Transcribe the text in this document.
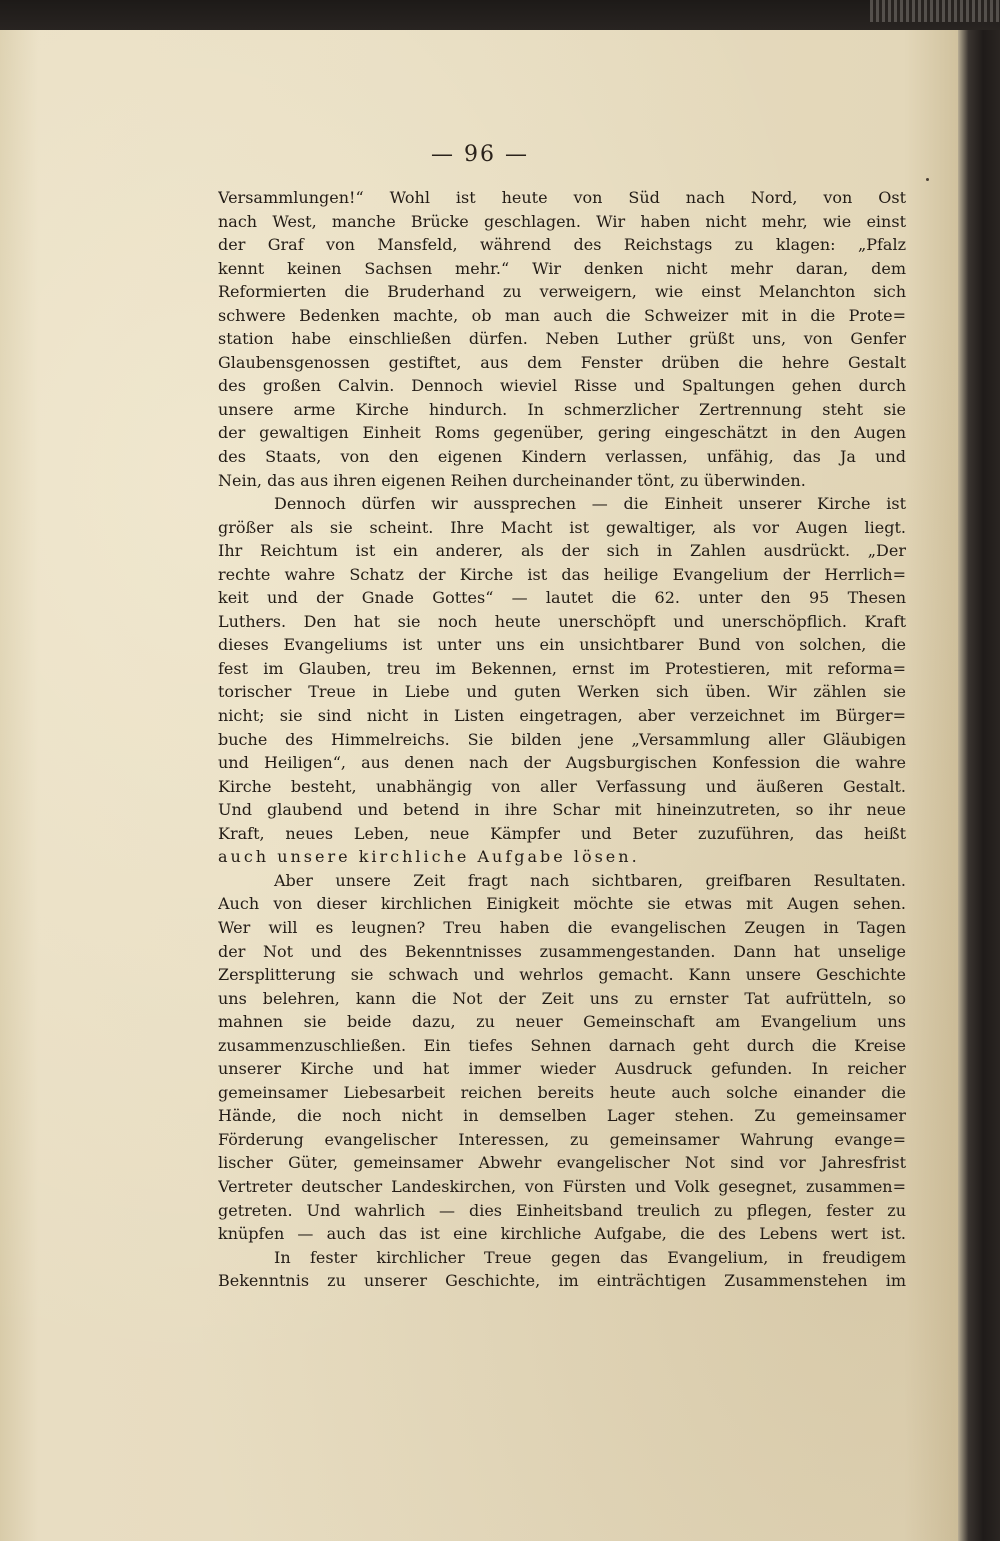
— 96 —
Versammlungen!“ Wohl ist heute von Süd nach Nord, von Ost
nach West, manche Brücke geschlagen. Wir haben nicht mehr, wie einst
der Graf von Mansfeld, während des Reichstags zu klagen: „Pfalz
kennt keinen Sachsen mehr.“ Wir denken nicht mehr daran, dem
Reformierten die Bruderhand zu verweigern, wie einst Melanchton sich
schwere Bedenken machte, ob man auch die Schweizer mit in die Prote=
station habe einschließen dürfen. Neben Luther grüßt uns, von Genfer
Glaubensgenossen gestiftet, aus dem Fenster drüben die hehre Gestalt
des großen Calvin. Dennoch wieviel Risse und Spaltungen gehen durch
unsere arme Kirche hindurch. In schmerzlicher Zertrennung steht sie
der gewaltigen Einheit Roms gegenüber, gering eingeschätzt in den Augen
des Staats, von den eigenen Kindern verlassen, unfähig, das Ja und
Nein, das aus ihren eigenen Reihen durcheinander tönt, zu überwinden.
Dennoch dürfen wir aussprechen — die Einheit unserer Kirche ist
größer als sie scheint. Ihre Macht ist gewaltiger, als vor Augen liegt.
Ihr Reichtum ist ein anderer, als der sich in Zahlen ausdrückt. „Der
rechte wahre Schatz der Kirche ist das heilige Evangelium der Herrlich=
keit und der Gnade Gottes“ — lautet die 62. unter den 95 Thesen
Luthers. Den hat sie noch heute unerschöpft und unerschöpflich. Kraft
dieses Evangeliums ist unter uns ein unsichtbarer Bund von solchen, die
fest im Glauben, treu im Bekennen, ernst im Protestieren, mit reforma=
torischer Treue in Liebe und guten Werken sich üben. Wir zählen sie
nicht; sie sind nicht in Listen eingetragen, aber verzeichnet im Bürger=
buche des Himmelreichs. Sie bilden jene „Versammlung aller Gläubigen
und Heiligen“, aus denen nach der Augsburgischen Konfession die wahre
Kirche besteht, unabhängig von aller Verfassung und äußeren Gestalt.
Und glaubend und betend in ihre Schar mit hineinzutreten, so ihr neue
Kraft, neues Leben, neue Kämpfer und Beter zuzuführen, das heißt
auch unsere kirchliche Aufgabe lösen.
Aber unsere Zeit fragt nach sichtbaren, greifbaren Resultaten.
Auch von dieser kirchlichen Einigkeit möchte sie etwas mit Augen sehen.
Wer will es leugnen? Treu haben die evangelischen Zeugen in Tagen
der Not und des Bekenntnisses zusammengestanden. Dann hat unselige
Zersplitterung sie schwach und wehrlos gemacht. Kann unsere Geschichte
uns belehren, kann die Not der Zeit uns zu ernster Tat aufrütteln, so
mahnen sie beide dazu, zu neuer Gemeinschaft am Evangelium uns
zusammenzuschließen. Ein tiefes Sehnen darnach geht durch die Kreise
unserer Kirche und hat immer wieder Ausdruck gefunden. In reicher
gemeinsamer Liebesarbeit reichen bereits heute auch solche einander die
Hände, die noch nicht in demselben Lager stehen. Zu gemeinsamer
Förderung evangelischer Interessen, zu gemeinsamer Wahrung evange=
lischer Güter, gemeinsamer Abwehr evangelischer Not sind vor Jahresfrist
Vertreter deutscher Landeskirchen, von Fürsten und Volk gesegnet, zusammen=
getreten. Und wahrlich — dies Einheitsband treulich zu pflegen, fester zu
knüpfen — auch das ist eine kirchliche Aufgabe, die des Lebens wert ist.
In fester kirchlicher Treue gegen das Evangelium, in freudigem
Bekenntnis zu unserer Geschichte, im einträchtigen Zusammenstehen im
